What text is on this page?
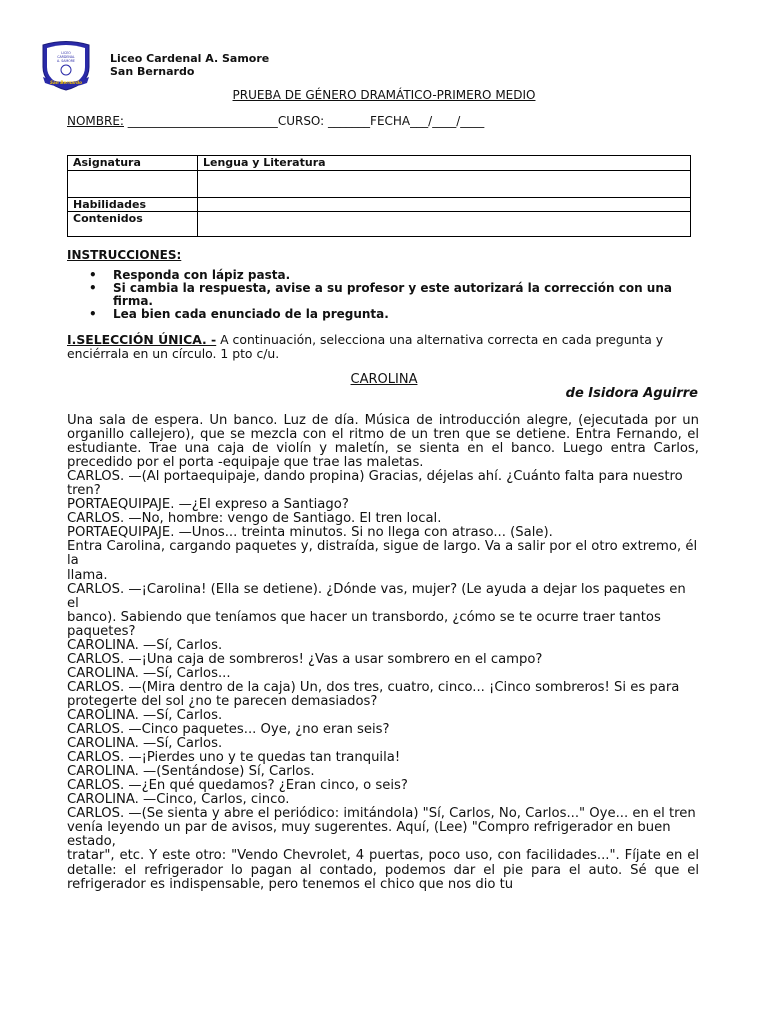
LICEO
CARDENAL
A. SAMORE
San Bernardo
Liceo Cardenal A. Samore
San Bernardo
PRUEBA DE GÉNERO DRAMÁTICO-PRIMERO MEDIO
NOMBRE: _________________________CURSO: _______FECHA___/____/____
Asignatura	Lengua y Literatura

Habilidades	
Contenidos	
INSTRUCCIONES:
• Responda con lápiz pasta.
• Si cambia la respuesta, avise a su profesor y este autorizará la corrección con una firma.
• Lea bien cada enunciado de la pregunta.
I.SELECCIÓN ÚNICA. - A continuación, selecciona una alternativa correcta en cada pregunta y enciérrala en un círculo. 1 pto c/u.
CAROLINA
de Isidora Aguirre

Una sala de espera. Un banco. Luz de día. Música de introducción alegre, (ejecutada por un organillo callejero), que se mezcla con el ritmo de un tren que se detiene. Entra Fernando, el estudiante. Trae una caja de violín y maletín, se sienta en el banco. Luego entra Carlos, precedido por el porta -equipaje que trae las maletas.

CARLOS. —(Al portaequipaje, dando propina) Gracias, déjelas ahí. ¿Cuánto falta para nuestro tren?

PORTAEQUIPAJE. —¿El expreso a Santiago?

CARLOS. —No, hombre: vengo de Santiago. El tren local.

PORTAEQUIPAJE. —Unos... treinta minutos. Si no llega con atraso... (Sale).

Entra Carolina, cargando paquetes y, distraída, sigue de largo. Va a salir por el otro extremo, él la

llama.

CARLOS. —¡Carolina! (Ella se detiene). ¿Dónde vas, mujer? (Le ayuda a dejar los paquetes en el

banco). Sabiendo que teníamos que hacer un transbordo, ¿cómo se te ocurre traer tantos paquetes?

CAROLINA. —Sí, Carlos.

CARLOS. —¡Una caja de sombreros! ¿Vas a usar sombrero en el campo?

CAROLINA. —Sí, Carlos...

CARLOS. —(Mira dentro de la caja) Un, dos tres, cuatro, cinco... ¡Cinco sombreros! Si es para

protegerte del sol ¿no te parecen demasiados?

CAROLINA. —Sí, Carlos.

CARLOS. —Cinco paquetes... Oye, ¿no eran seis?

CAROLINA. —Sí, Carlos.

CARLOS. —¡Pierdes uno y te quedas tan tranquila!

CAROLINA. —(Sentándose) Sí, Carlos.

CARLOS. —¿En qué quedamos? ¿Eran cinco, o seis?

CAROLINA. —Cinco, Carlos, cinco.

CARLOS. —(Se sienta y abre el periódico: imitándola) "Sí, Carlos, No, Carlos..." Oye... en el tren

venía leyendo un par de avisos, muy sugerentes. Aquí, (Lee) "Compro refrigerador en buen estado,

tratar", etc. Y este otro: "Vendo Chevrolet, 4 puertas, poco uso, con facilidades...". Fíjate en el detalle: el refrigerador lo pagan al contado, podemos dar el pie para el auto. Sé que el refrigerador es indispensable, pero tenemos el chico que nos dio tu
